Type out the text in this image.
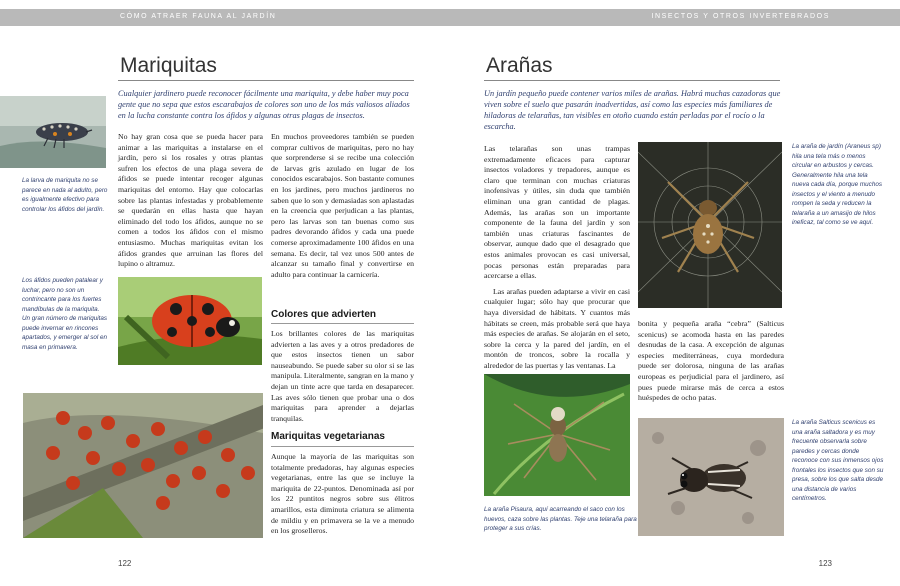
CÓMO ATRAER FAUNA AL JARDÍN
Mariquitas

Cualquier jardinero puede reconocer fácilmente una mariquita, y debe haber muy poca gente que no sepa que estos escarabajos de colores son uno de los más valiosos aliados en la lucha constante contra los áfidos y algunas otras plagas de insectos.

La larva de mariquita no se parece en nada al adulto, pero es igualmente efectivo para controlar los áfidos del jardín.

Los áfidos pueden patalear y luchar, pero no son un contrincante para los fuertes mandíbulas de la mariquita. Un gran número de mariquitas puede invernar en rincones apartados, y emerger al sol en masa en primavera.

No hay gran cosa que se pueda hacer para animar a las mariquitas a instalarse en el jardín, pero si los rosales y otras plantas sufren los efectos de una plaga severa de áfidos se puede intentar recoger algunas mariquitas del entorno. Hay que colocarlas sobre las plantas infestadas y probablemente se quedarán en ellas hasta que hayan eliminado del todo los áfidos, aunque no se comen a todos los áfidos con el mismo entusiasmo. Muchas mariquitas evitan los áfidos grandes que arruinan las flores del lupino o altramuz.

En muchos proveedores también se pueden comprar cultivos de mariquitas, pero no hay que sorprenderse si se recibe una colección de larvas gris azulado en lugar de los conocidos escarabajos. Son bastante comunes en los jardines, pero muchos jardineros no saben que lo son y demasiadas son aplastadas en la creencia que perjudican a las plantas, pero las larvas son tan buenas como sus padres devorando áfidos y cada una puede comerse aproximadamente 100 áfidos en una semana. Es decir, tal vez unos 500 antes de alcanzar su tamaño final y convertirse en adulto para continuar la carnicería.

Colores que advierten

Los brillantes colores de las mariquitas advierten a las aves y a otros predadores de que estos insectos tienen un sabor nauseabundo. Se puede saber su olor si se las manipula. Literalmente, sangran en la mano y dejan un tinte acre que tarda en desaparecer. Las aves sólo tienen que probar una o dos mariquitas para aprender a dejarlas tranquilas.

Mariquitas vegetarianas

Aunque la mayoría de las mariquitas son totalmente predadoras, hay algunas especies vegetarianas, entre las que se incluye la mariquita de 22-puntos. Denominada así por los 22 puntitos negros sobre sus élitros amarillos, esta diminuta criatura se alimenta de mildiu y en primavera se la ve a menudo en los groselleros.

122
INSECTOS Y OTROS INVERTEBRADOS
Arañas

Un jardín pequeño puede contener varios miles de arañas. Habrá muchas cazadoras que viven sobre el suelo que pasarán inadvertidas, así como las especies más familiares de hiladoras de telarañas, tan visibles en otoño cuando están perladas por el rocío o la escarcha.

Las telarañas son unas trampas extremadamente eficaces para capturar insectos voladores y trepadores, aunque es claro que terminan con muchas criaturas inofensivas y útiles, sin duda que también eliminan una gran cantidad de plagas. Además, las arañas son un importante componente de la fauna del jardín y son también unas criaturas fascinantes de observar, aunque dado que el desagrado que estos animales provocan es casi universal, pocas personas están preparadas para acercarse a ellas.

Las arañas pueden adaptarse a vivir en casi cualquier lugar; sólo hay que procurar que haya diversidad de hábitats. Y cuantos más hábitats se creen, más probable será que haya más especies de arañas. Se alojarán en el seto, sobre la cerca y la pared del jardín, en el montón de troncos, sobre la rocalla y alrededor de las puertas y las ventanas. La

La araña de jardín (Araneus sp) hila una tela más o menos circular en arbustos y cercas. Generalmente hila una tela nueva cada día, porque muchos insectos y el viento a menudo rompen la seda y reducen la telaraña a un amasijo de hilos ineficaz, tal como se ve aquí.

La araña Pisaura, aquí acarreando el saco con los huevos, caza sobre las plantas. Teje una telaraña para proteger a sus crías.

bonita y pequeña araña “cebra” (Salticus scenicus) se acomoda hasta en las paredes desnudas de la casa. A excepción de algunas especies mediterráneas, cuya mordedura puede ser dolorosa, ninguna de las arañas europeas es perjudicial para el jardinero, así pues puede mirarse más de cerca a estos huéspedes de ocho patas.

La araña Salticus scenicus es una araña saltadora y es muy frecuente observarla sobre paredes y cercas donde reconoce con sus inmensos ojos frontales los insectos que son su presa, sobre los que salta desde una distancia de varios centímetros.

123
